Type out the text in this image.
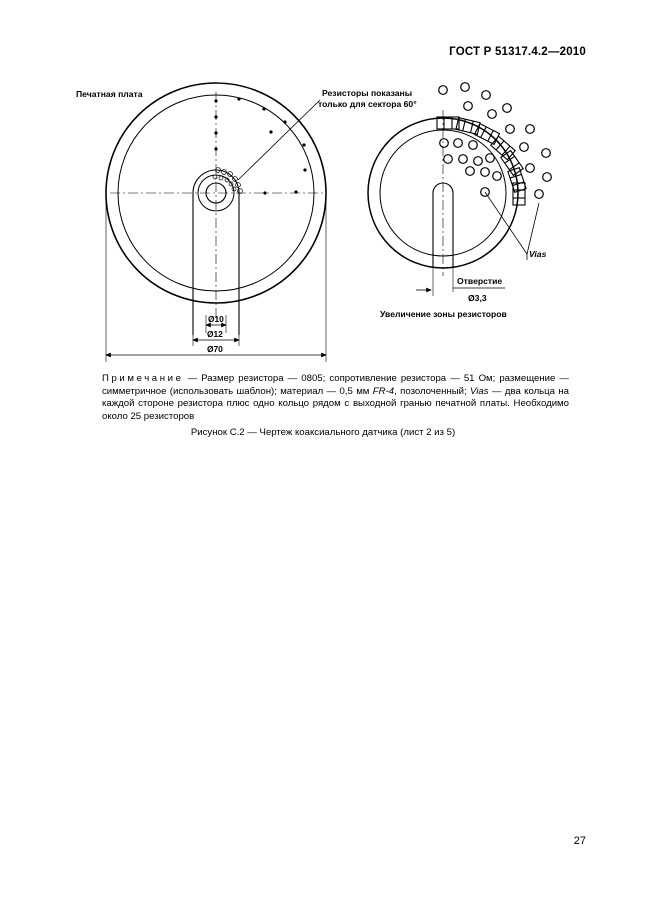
ГОСТ Р 51317.4.2—2010
Печатная плата	Резисторы показаны
только для сектора 60°
Ø10
Ø12
Ø70
Vias
Отверстие
Ø3,3
Увеличение зоны резисторов
Примечание — Размер резистора — 0805; сопротивление резистора — 51 Ом; размещение — симметричное (использовать шаблон); материал — 0,5 мм FR-4, позолоченный; Vias — два кольца на каждой стороне резистора плюс одно кольцо рядом с выходной гранью печатной платы. Необходимо около 25 резисторов
Рисунок С.2 — Чертеж коаксиального датчика (лист 2 из 5)
27
